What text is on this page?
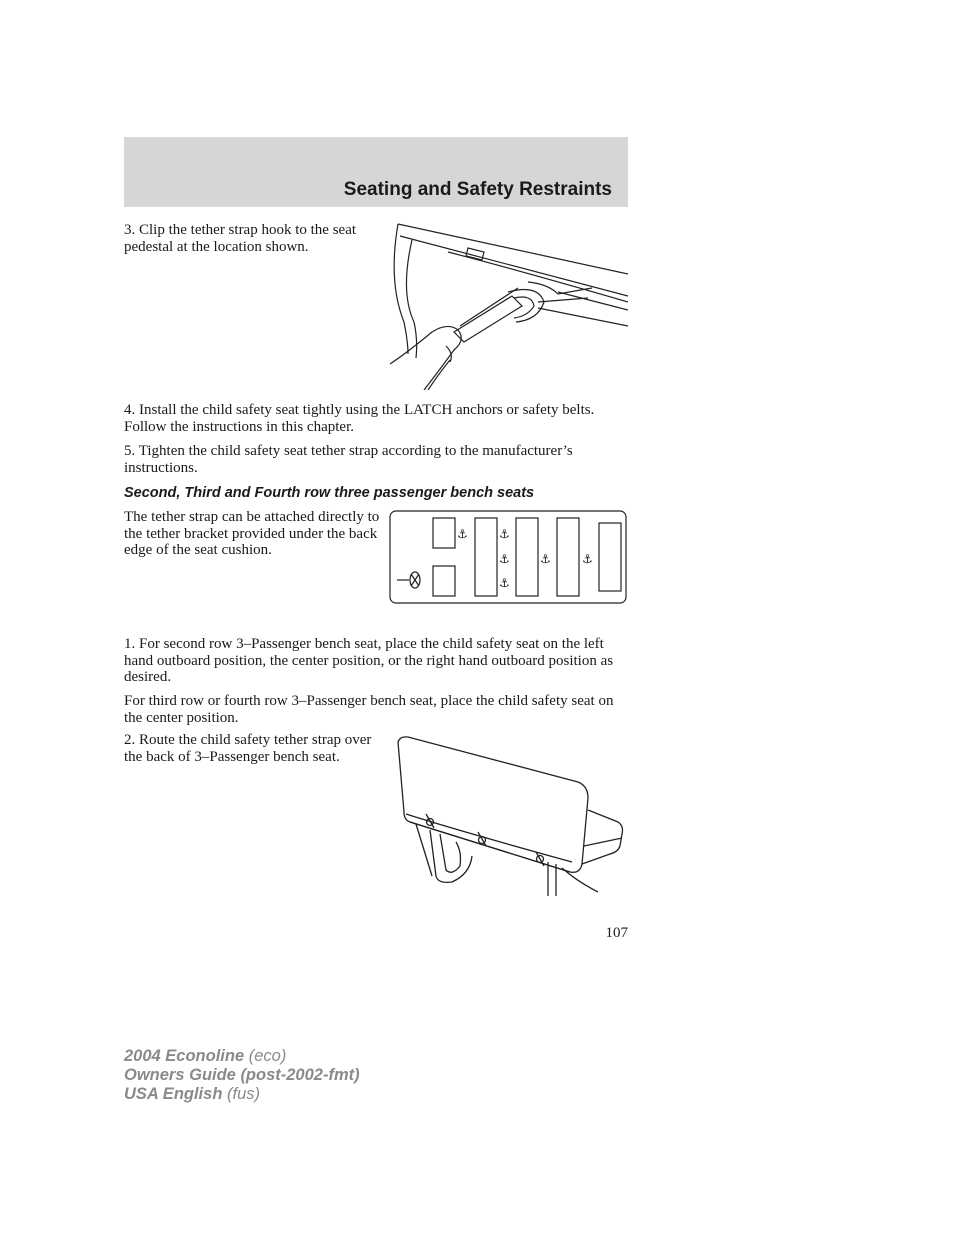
Seating and Safety Restraints

3. Clip the tether strap hook to the seat pedestal at the location shown.

4. Install the child safety seat tightly using the LATCH anchors or safety belts. Follow the instructions in this chapter.

5. Tighten the child safety seat tether strap according to the manufacturer’s instructions.

Second, Third and Fourth row three passenger bench seats

The tether strap can be attached directly to the tether bracket provided under the back edge of the seat cushion.

⚓	⚓
⚓
⚓
⚓	⚓

1. For second row 3–Passenger bench seat, place the child safety seat on the left hand outboard position, the center position, or the right hand outboard position as desired.

For third row or fourth row 3–Passenger bench seat, place the child safety seat on the center position.

2. Route the child safety tether strap over the back of 3–Passenger bench seat.

107
2004 Econoline (eco)
Owners Guide (post-2002-fmt)
USA English (fus)
